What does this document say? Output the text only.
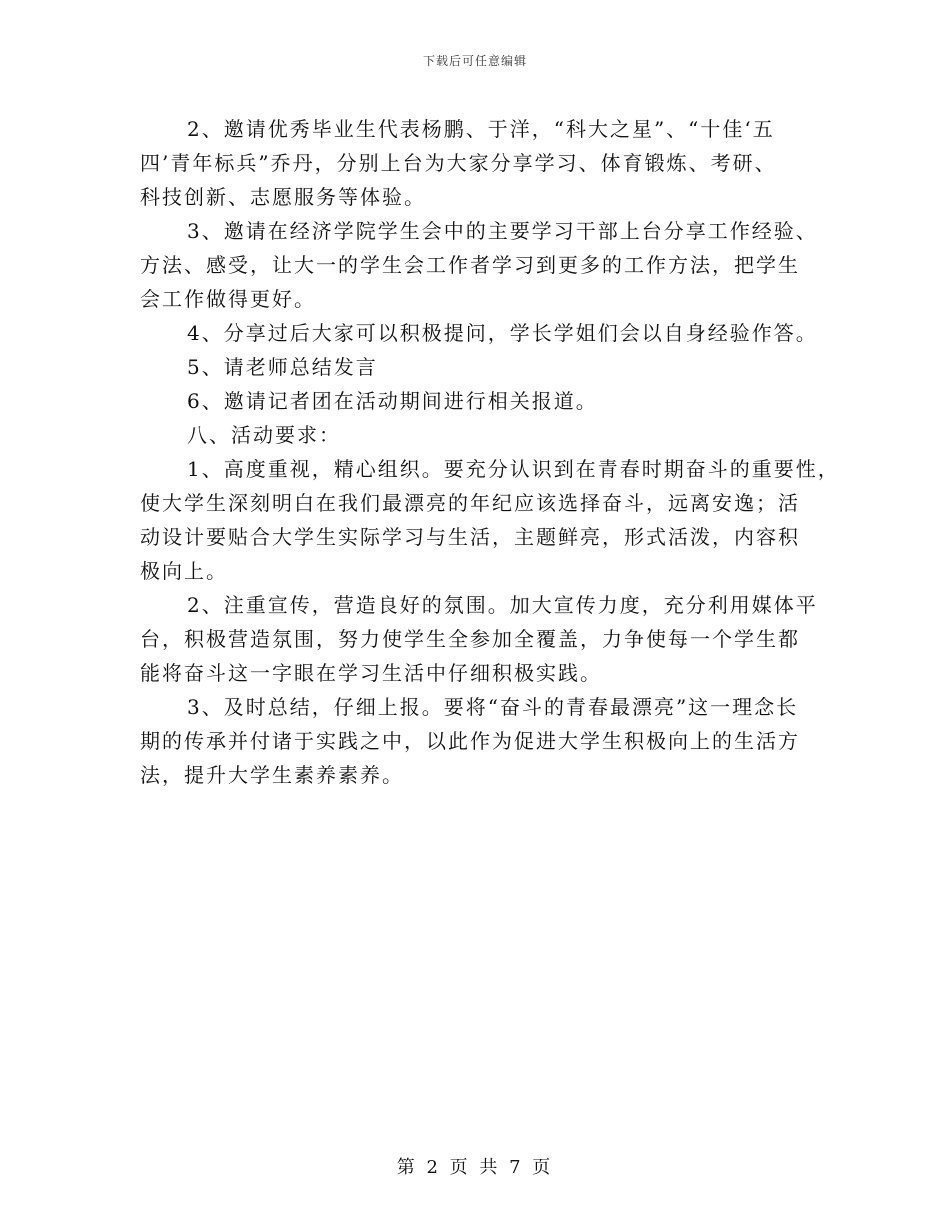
下载后可任意编辑
2、邀请优秀毕业生代表杨鹏、于洋，“科大之星”、“十佳‘五
四’青年标兵”乔丹，分别上台为大家分享学习、体育锻炼、考研、
科技创新、志愿服务等体验。
3、邀请在经济学院学生会中的主要学习干部上台分享工作经验、
方法、感受，让大一的学生会工作者学习到更多的工作方法，把学生
会工作做得更好。
4、分享过后大家可以积极提问，学长学姐们会以自身经验作答。
5、请老师总结发言
6、邀请记者团在活动期间进行相关报道。
八、活动要求：
1、高度重视，精心组织。要充分认识到在青春时期奋斗的重要性，
使大学生深刻明白在我们最漂亮的年纪应该选择奋斗，远离安逸；活
动设计要贴合大学生实际学习与生活，主题鲜亮，形式活泼，内容积
极向上。
2、注重宣传，营造良好的氛围。加大宣传力度，充分利用媒体平
台，积极营造氛围，努力使学生全参加全覆盖，力争使每一个学生都
能将奋斗这一字眼在学习生活中仔细积极实践。
3、及时总结，仔细上报。要将“奋斗的青春最漂亮”这一理念长
期的传承并付诸于实践之中，以此作为促进大学生积极向上的生活方
法，提升大学生素养素养。
第 2 页 共 7 页
